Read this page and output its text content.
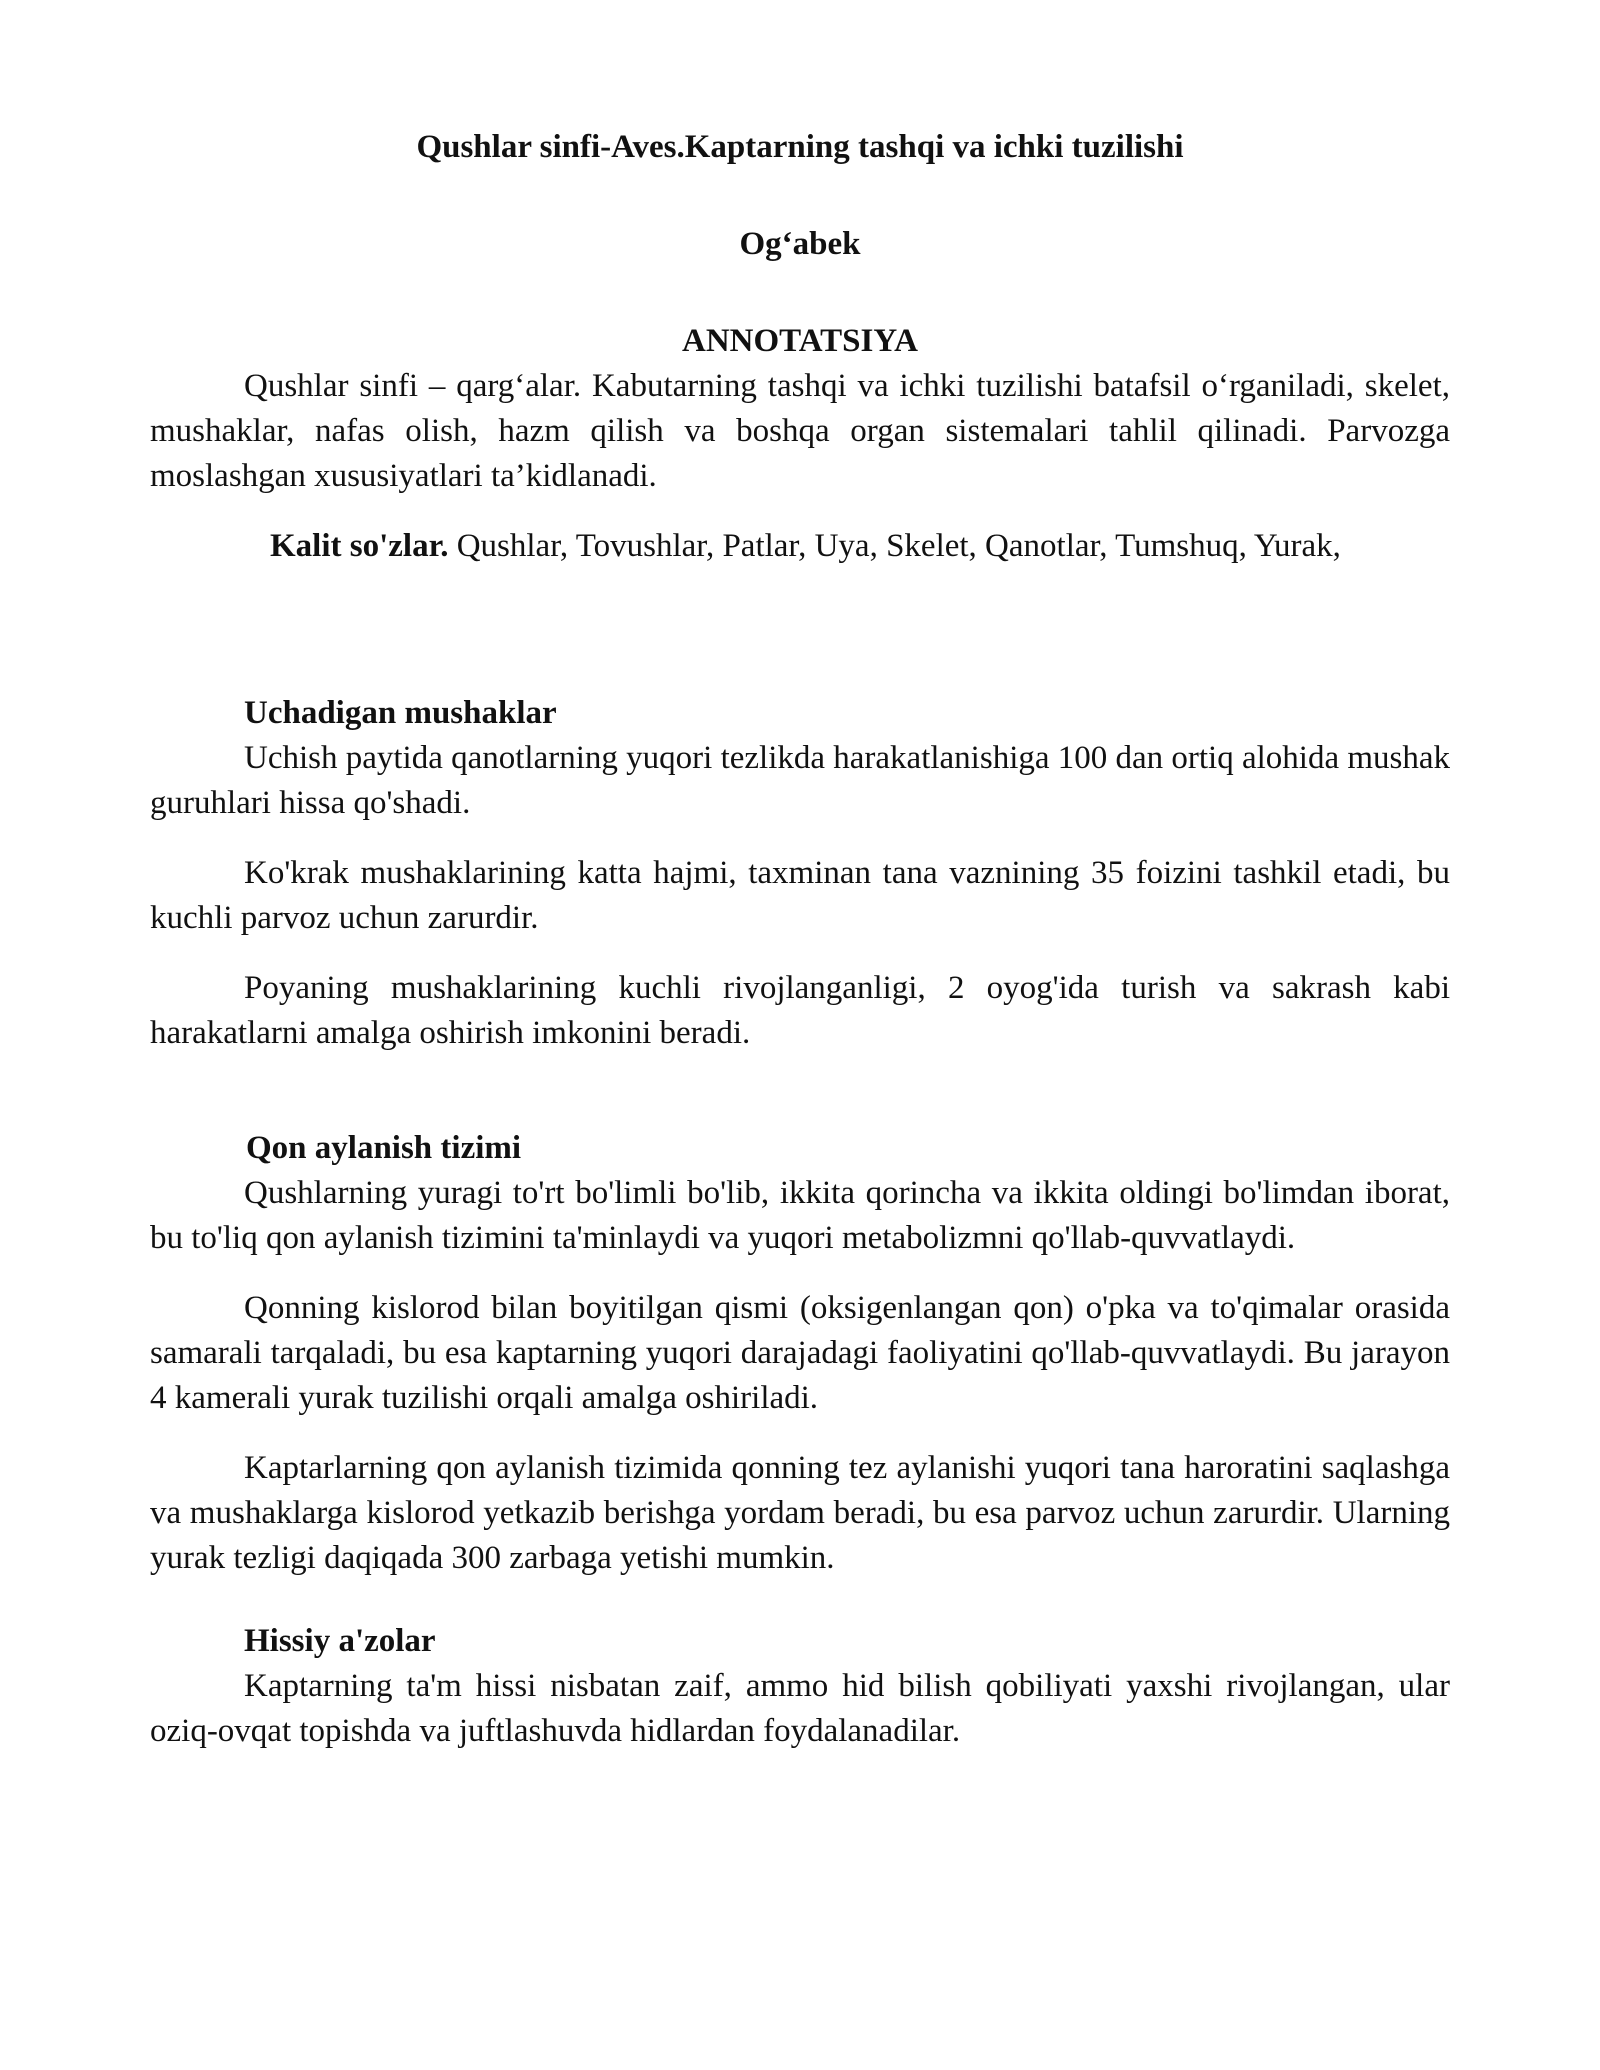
Qushlar sinfi-Aves.Kaptarning tashqi va ichki tuzilishi
Og‘abek
ANNOTATSIYA

Qushlar sinfi – qarg‘alar. Kabutarning tashqi va ichki tuzilishi batafsil o‘rganiladi, skelet, mushaklar, nafas olish, hazm qilish va boshqa organ sistemalari tahlil qilinadi. Parvozga moslashgan xususiyatlari ta’kidlanadi.

Kalit so'zlar. Qushlar, Tovushlar, Patlar, Uya, Skelet, Qanotlar, Tumshuq, Yurak,

Uchadigan mushaklar

Uchish paytida qanotlarning yuqori tezlikda harakatlanishiga 100 dan ortiq alohida mushak guruhlari hissa qo'shadi.

Ko'krak mushaklarining katta hajmi, taxminan tana vaznining 35 foizini tashkil etadi, bu kuchli parvoz uchun zarurdir.

Poyaning mushaklarining kuchli rivojlanganligi, 2 oyog'ida turish va sakrash kabi harakatlarni amalga oshirish imkonini beradi.

Qon aylanish tizimi

Qushlarning yuragi to'rt bo'limli bo'lib, ikkita qorincha va ikkita oldingi bo'limdan iborat, bu to'liq qon aylanish tizimini ta'minlaydi va yuqori metabolizmni qo'llab-quvvatlaydi.

Qonning kislorod bilan boyitilgan qismi (oksigenlangan qon) o'pka va to'qimalar orasida samarali tarqaladi, bu esa kaptarning yuqori darajadagi faoliyatini qo'llab-quvvatlaydi. Bu jarayon 4 kamerali yurak tuzilishi orqali amalga oshiriladi.

Kaptarlarning qon aylanish tizimida qonning tez aylanishi yuqori tana haroratini saqlashga va mushaklarga kislorod yetkazib berishga yordam beradi, bu esa parvoz uchun zarurdir. Ularning yurak tezligi daqiqada 300 zarbaga yetishi mumkin.

Hissiy a'zolar

Kaptarning ta'm hissi nisbatan zaif, ammo hid bilish qobiliyati yaxshi rivojlangan, ular oziq-ovqat topishda va juftlashuvda hidlardan foydalanadilar.
